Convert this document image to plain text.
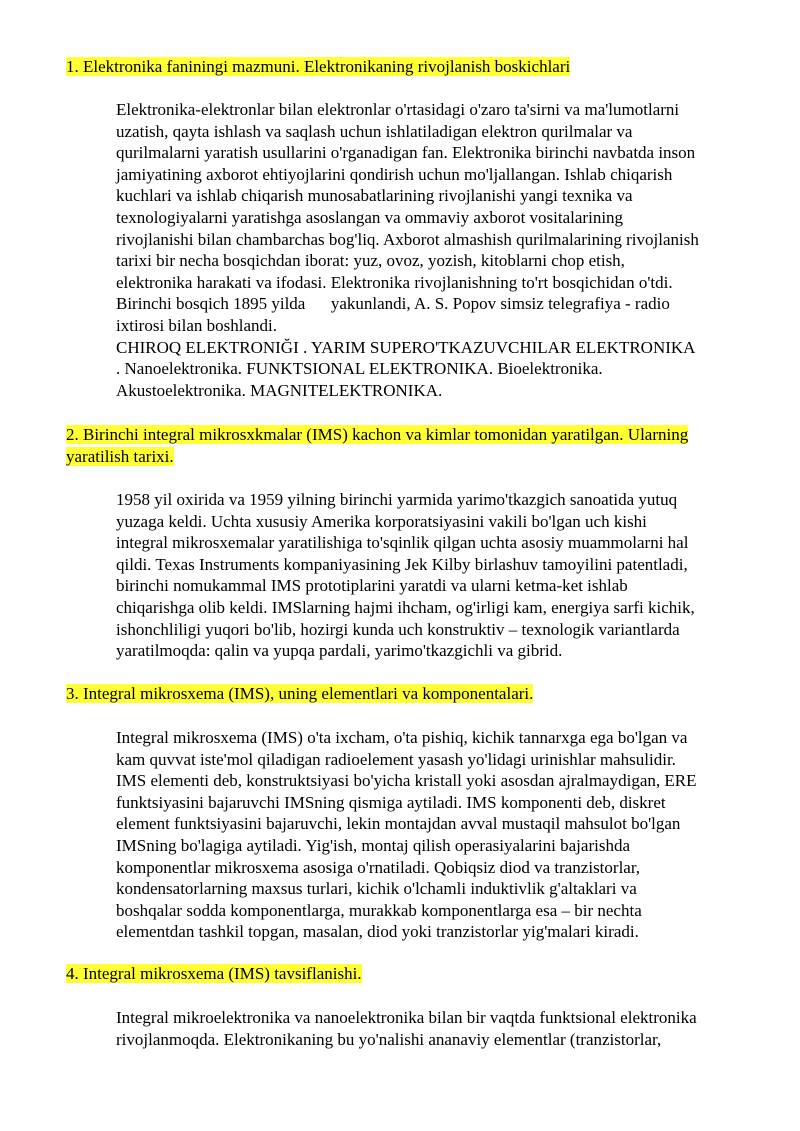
1. Elektronika faniningi mazmuni. Elektronikaning rivojlanish boskichlari
Elektronika-elektronlar bilan elektronlar o'rtasidagi o'zaro ta'sirni va ma'lumotlarni
uzatish, qayta ishlash va saqlash uchun ishlatiladigan elektron qurilmalar va
qurilmalarni yaratish usullarini o'rganadigan fan. Elektronika birinchi navbatda inson
jamiyatining axborot ehtiyojlarini qondirish uchun mo'ljallangan. Ishlab chiqarish
kuchlari va ishlab chiqarish munosabatlarining rivojlanishi yangi texnika va
texnologiyalarni yaratishga asoslangan va ommaviy axborot vositalarining
rivojlanishi bilan chambarchas bog'liq. Axborot almashish qurilmalarining rivojlanish
tarixi bir necha bosqichdan iborat: yuz, ovoz, yozish, kitoblarni chop etish,
elektronika harakati va ifodasi. Elektronika rivojlanishning to'rt bosqichidan o'tdi.
Birinchi bosqich 1895 yilda      yakunlandi, A. S. Popov simsiz telegrafiya - radio
ixtirosi bilan boshlandi.
CHIROQ ELEKTRONIĞI . YARIM SUPERO'TKAZUVCHILAR ELEKTRONIKA
. Nanoelektronika. FUNKTSIONAL ELEKTRONIKA. Bioelektronika.
Akustoelektronika. MAGNITELEKTRONIKA.
2. Birinchi integral mikrosxkmalar (IMS) kachon va kimlar tomonidan yaratilgan. Ularning
yaratilish tarixi.
1958 yil oxirida va 1959 yilning birinchi yarmida yarimo'tkazgich sanoatida yutuq
yuzaga keldi. Uchta xususiy Amerika korporatsiyasini vakili bo'lgan uch kishi
integral mikrosxemalar yaratilishiga to'sqinlik qilgan uchta asosiy muammolarni hal
qildi. Texas Instruments kompaniyasining Jek Kilby birlashuv tamoyilini patentladi,
birinchi nomukammal IMS prototiplarini yaratdi va ularni ketma-ket ishlab
chiqarishga olib keldi. IMSlarning hajmi ihcham, og'irligi kam, energiya sarfi kichik,
ishonchliligi yuqori bo'lib, hozirgi kunda uch konstruktiv – texnologik variantlarda
yaratilmoqda: qalin va yupqa pardali, yarimo'tkazgichli va gibrid.
3. Integral mikrosxema (IMS), uning elementlari va komponentalari.
Integral mikrosxema (IMS) o'ta ixcham, o'ta pishiq, kichik tannarxga ega bo'lgan va
kam quvvat iste'mol qiladigan radioelement yasash yo'lidagi urinishlar mahsulidir.
IMS elementi deb, konstruktsiyasi bo'yicha kristall yoki asosdan ajralmaydigan, ERE
funktsiyasini bajaruvchi IMSning qismiga aytiladi. IMS komponenti deb, diskret
element funktsiyasini bajaruvchi, lekin montajdan avval mustaqil mahsulot bo'lgan
IMSning bo'lagiga aytiladi. Yig'ish, montaj qilish operasiyalarini bajarishda
komponentlar mikrosxema asosiga o'rnatiladi. Qobiqsiz diod va tranzistorlar,
kondensatorlarning maxsus turlari, kichik o'lchamli induktivlik g'altaklari va
boshqalar sodda komponentlarga, murakkab komponentlarga esa – bir nechta
elementdan tashkil topgan, masalan, diod yoki tranzistorlar yig'malari kiradi.
4. Integral mikrosxema (IMS) tavsiflanishi.
Integral mikroelektronika va nanoelektronika bilan bir vaqtda funktsional elektronika
rivojlanmoqda. Elektronikaning bu yo'nalishi ananaviy elementlar (tranzistorlar,
